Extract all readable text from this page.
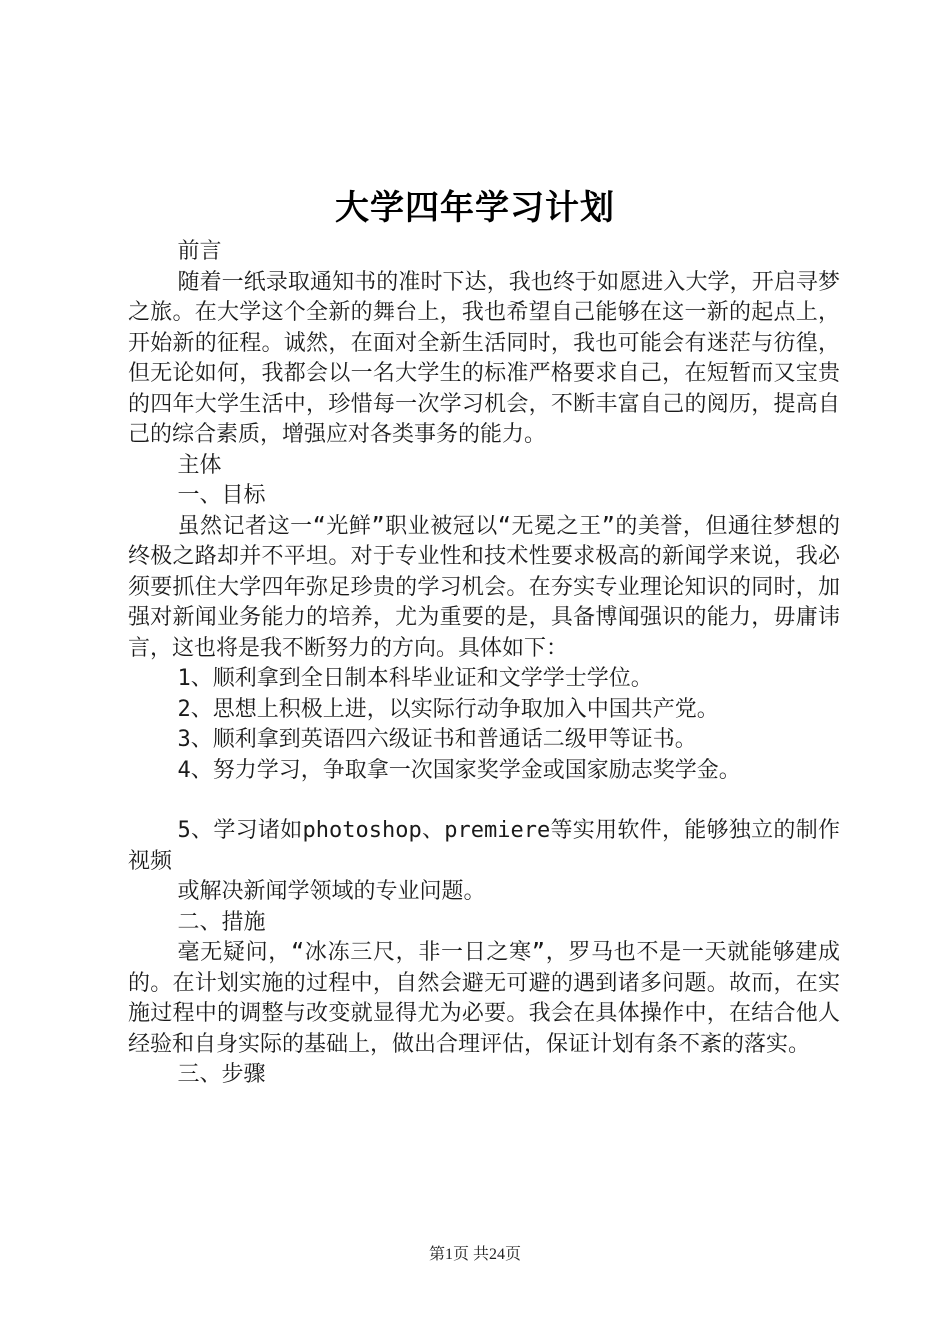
大学四年学习计划

前言

随着一纸录取通知书的准时下达，我也终于如愿进入大学，开启寻梦之旅。在大学这个全新的舞台上，我也希望自己能够在这一新的起点上，开始新的征程。诚然，在面对全新生活同时，我也可能会有迷茫与彷徨，但无论如何，我都会以一名大学生的标准严格要求自己，在短暂而又宝贵的四年大学生活中，珍惜每一次学习机会，不断丰富自己的阅历，提高自己的综合素质，增强应对各类事务的能力。

主体

一、目标

虽然记者这一“光鲜”职业被冠以“无冕之王”的美誉，但通往梦想的终极之路却并不平坦。对于专业性和技术性要求极高的新闻学来说，我必须要抓住大学四年弥足珍贵的学习机会。在夯实专业理论知识的同时，加强对新闻业务能力的培养，尤为重要的是，具备博闻强识的能力，毋庸讳言，这也将是我不断努力的方向。具体如下：

1、顺利拿到全日制本科毕业证和文学学士学位。

2、思想上积极上进，以实际行动争取加入中国共产党。

3、顺利拿到英语四六级证书和普通话二级甲等证书。

4、努力学习，争取拿一次国家奖学金或国家励志奖学金。

5、学习诸如photoshop、premiere等实用软件，能够独立的制作视频

或解决新闻学领域的专业问题。

二、措施

毫无疑问，“冰冻三尺，非一日之寒”，罗马也不是一天就能够建成的。在计划实施的过程中，自然会避无可避的遇到诸多问题。故而，在实施过程中的调整与改变就显得尤为必要。我会在具体操作中，在结合他人经验和自身实际的基础上，做出合理评估，保证计划有条不紊的落实。

三、步骤

第1页 共24页
